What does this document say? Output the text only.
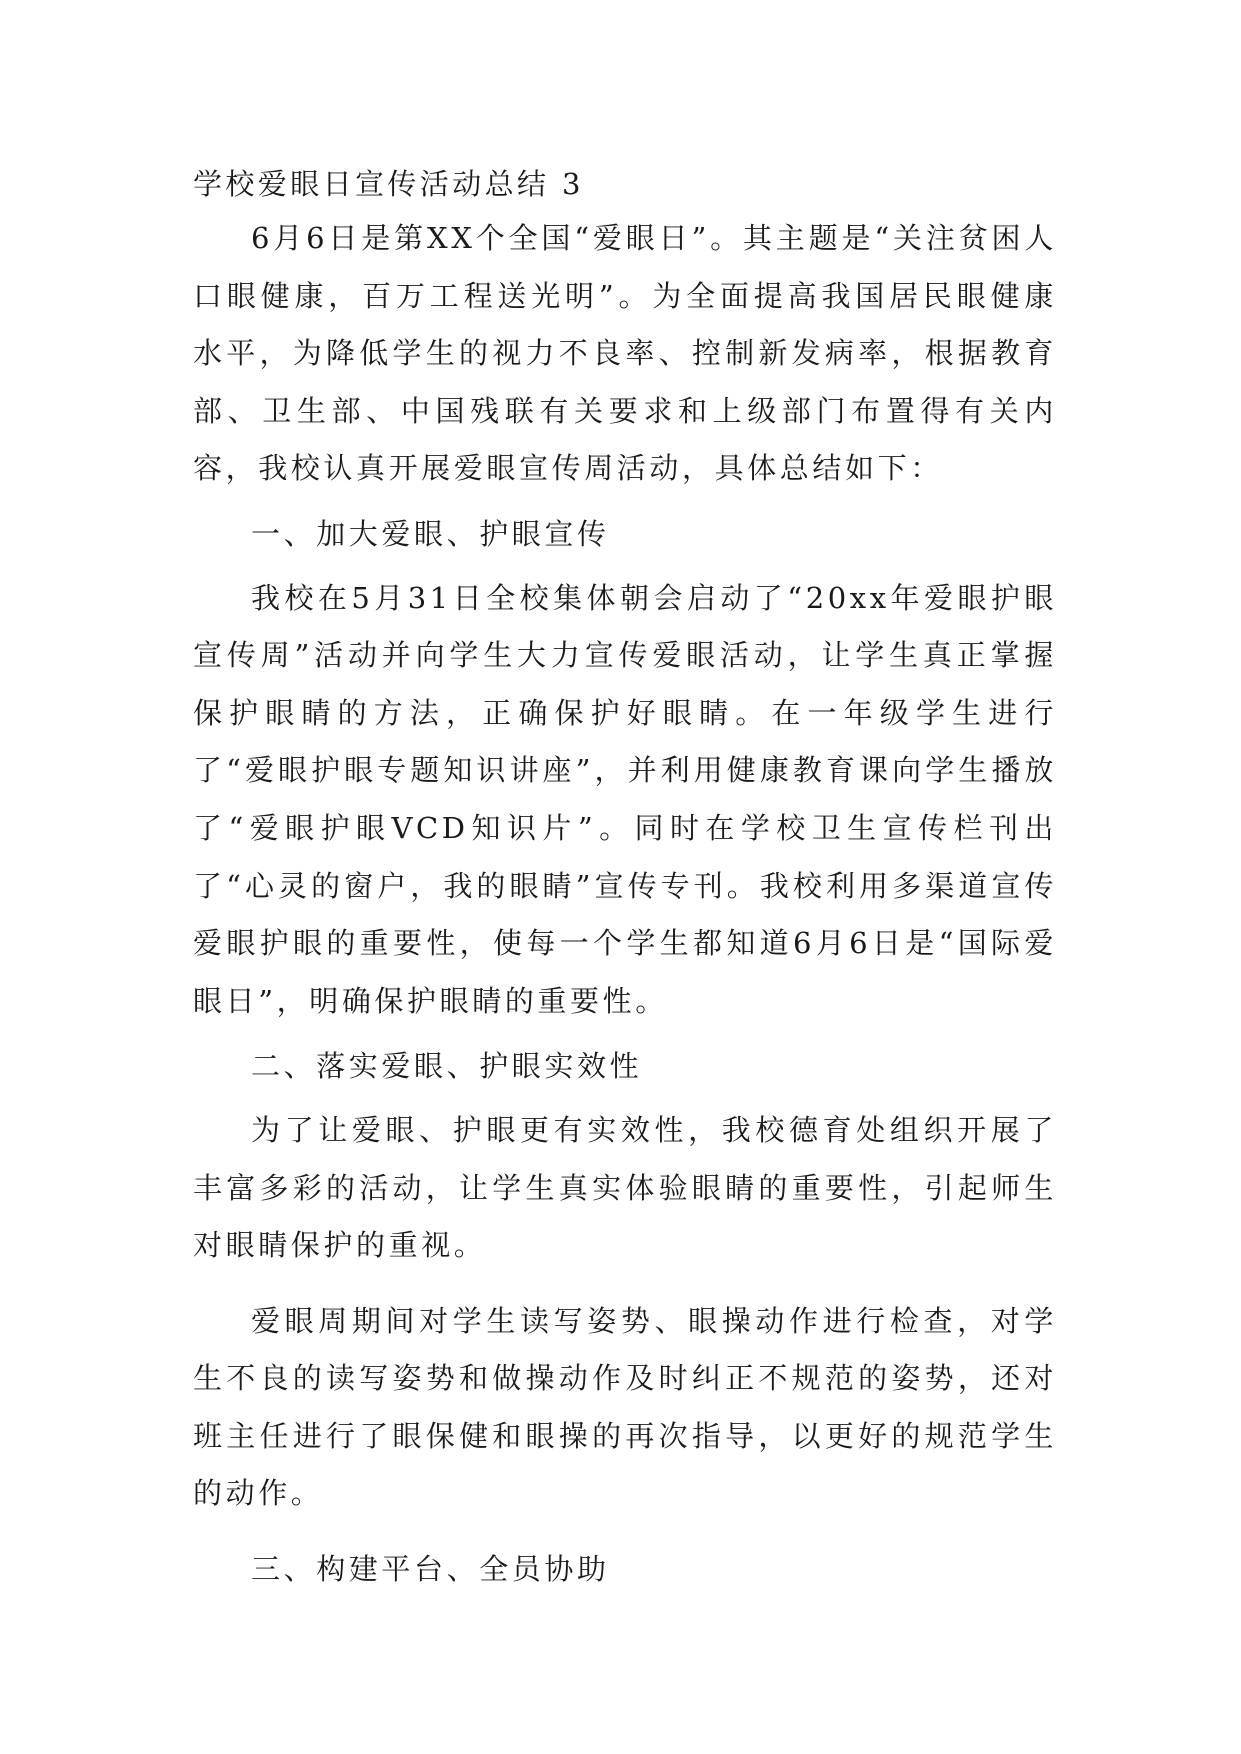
学校爱眼日宣传活动总结 3

6月6日是第XX个全国“爱眼日”。其主题是“关注贫困人口眼健康，百万工程送光明”。为全面提高我国居民眼健康水平，为降低学生的视力不良率、控制新发病率，根据教育部、卫生部、中国残联有关要求和上级部门布置得有关内容，我校认真开展爱眼宣传周活动，具体总结如下：

一、加大爱眼、护眼宣传

我校在5月31日全校集体朝会启动了“20xx年爱眼护眼宣传周”活动并向学生大力宣传爱眼活动，让学生真正掌握保护眼睛的方法，正确保护好眼睛。在一年级学生进行了“爱眼护眼专题知识讲座”，并利用健康教育课向学生播放了“爱眼护眼VCD知识片”。同时在学校卫生宣传栏刊出了“心灵的窗户，我的眼睛”宣传专刊。我校利用多渠道宣传爱眼护眼的重要性，使每一个学生都知道6月6日是“国际爱眼日”，明确保护眼睛的重要性。

二、落实爱眼、护眼实效性

为了让爱眼、护眼更有实效性，我校德育处组织开展了丰富多彩的活动，让学生真实体验眼睛的重要性，引起师生对眼睛保护的重视。

爱眼周期间对学生读写姿势、眼操动作进行检查，对学生不良的读写姿势和做操动作及时纠正不规范的姿势，还对班主任进行了眼保健和眼操的再次指导，以更好的规范学生的动作。

三、构建平台、全员协助
